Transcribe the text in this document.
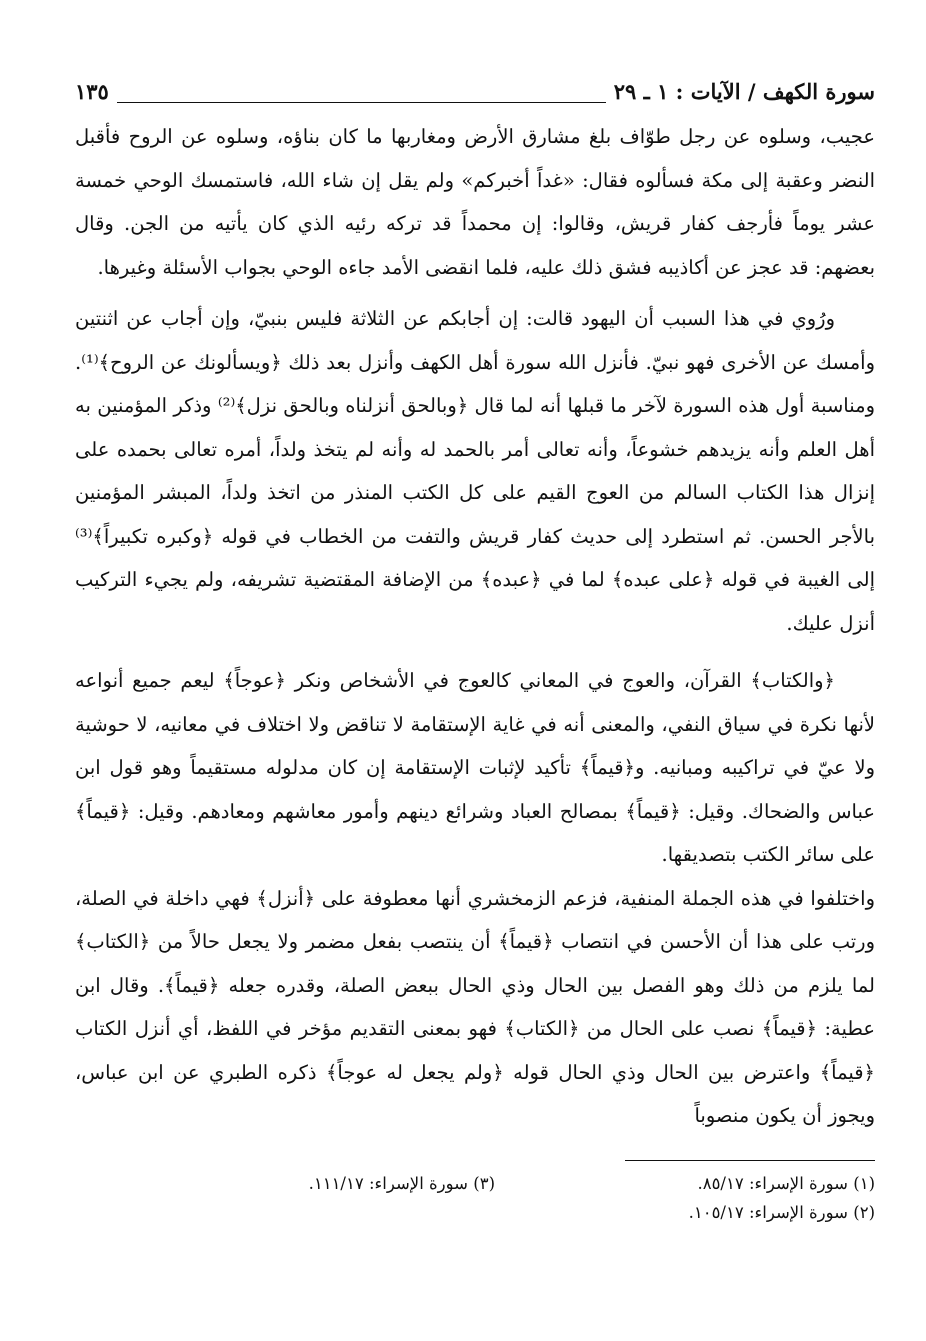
سورة الكهف / الآيات : ١ ـ ٢٩
١٣٥

عجيب، وسلوه عن رجل طوّاف بلغ مشارق الأرض ومغاربها ما كان بناؤه، وسلوه عن الروح فأقبل النضر وعقبة إلى مكة فسألوه فقال: «غداً أخبركم» ولم يقل إن شاء الله، فاستمسك الوحي خمسة عشر يوماً فأرجف كفار قريش، وقالوا: إن محمداً قد تركه رئيه الذي كان يأتيه من الجن. وقال بعضهم: قد عجز عن أكاذيبه فشق ذلك عليه، فلما انقضى الأمد جاءه الوحي بجواب الأسئلة وغيرها.

ورُوي في هذا السبب أن اليهود قالت: إن أجابكم عن الثلاثة فليس بنبيّ، وإن أجاب عن اثنتين وأمسك عن الأخرى فهو نبيّ. فأنزل الله سورة أهل الكهف وأنزل بعد ذلك ﴿ويسألونك عن الروح﴾⁽¹⁾. ومناسبة أول هذه السورة لآخر ما قبلها أنه لما قال ﴿وبالحق أنزلناه وبالحق نزل﴾⁽²⁾ وذكر المؤمنين به أهل العلم وأنه يزيدهم خشوعاً، وأنه تعالى أمر بالحمد له وأنه لم يتخذ ولداً، أمره تعالى بحمده على إنزال هذا الكتاب السالم من العوج القيم على كل الكتب المنذر من اتخذ ولداً، المبشر المؤمنين بالأجر الحسن. ثم استطرد إلى حديث كفار قريش والتفت من الخطاب في قوله ﴿وكبره تكبيراً﴾⁽³⁾ إلى الغيبة في قوله ﴿على عبده﴾ لما في ﴿عبده﴾ من الإضافة المقتضية تشريفه، ولم يجيء التركيب أنزل عليك.

﴿والكتاب﴾ القرآن، والعوج في المعاني كالعوج في الأشخاص ونكر ﴿عوجاً﴾ ليعم جميع أنواعه لأنها نكرة في سياق النفي، والمعنى أنه في غاية الإستقامة لا تناقض ولا اختلاف في معانيه، لا حوشية ولا عيّ في تراكيبه ومبانيه. و﴿قيماً﴾ تأكيد لإثبات الإستقامة إن كان مدلوله مستقيماً وهو قول ابن عباس والضحاك. وقيل: ﴿قيماً﴾ بمصالح العباد وشرائع دينهم وأمور معاشهم ومعادهم. وقيل: ﴿قيماً﴾ على سائر الكتب بتصديقها.

واختلفوا في هذه الجملة المنفية، فزعم الزمخشري أنها معطوفة على ﴿أنزل﴾ فهي داخلة في الصلة، ورتب على هذا أن الأحسن في انتصاب ﴿قيماً﴾ أن ينتصب بفعل مضمر ولا يجعل حالاً من ﴿الكتاب﴾ لما يلزم من ذلك وهو الفصل بين الحال وذي الحال ببعض الصلة، وقدره جعله ﴿قيماً﴾. وقال ابن عطية: ﴿قيماً﴾ نصب على الحال من ﴿الكتاب﴾ فهو بمعنى التقديم مؤخر في اللفظ، أي أنزل الكتاب ﴿قيماً﴾ واعترض بين الحال وذي الحال قوله ﴿ولم يجعل له عوجاً﴾ ذكره الطبري عن ابن عباس، ويجوز أن يكون منصوباً

(١) سورة الإسراء: ٨٥/١٧.
(٣) سورة الإسراء: ١١١/١٧.
(٢) سورة الإسراء: ١٠٥/١٧.
